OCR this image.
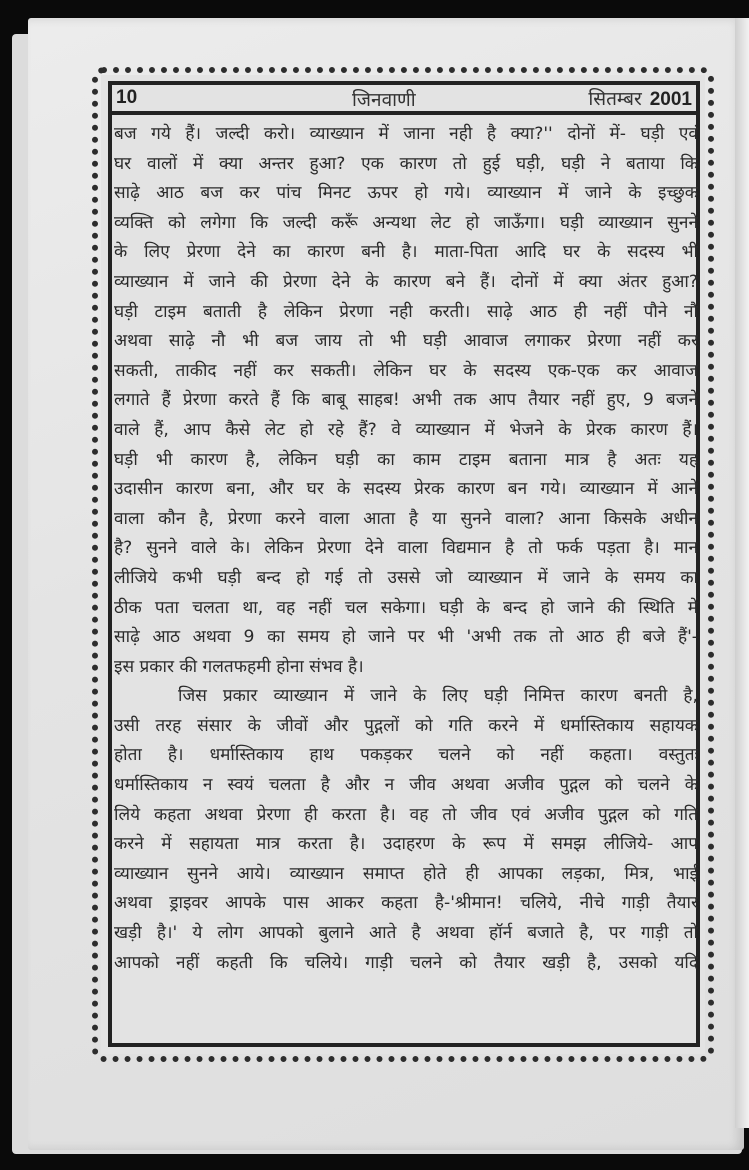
10	जिनवाणी	सितम्बर 2001
बज गये हैं। जल्दी करो। व्याख्यान में जाना नही है क्या?'' दोनों में- घड़ी एवं
घर वालों में क्या अन्तर हुआ? एक कारण तो हुई घड़ी, घड़ी ने बताया कि
साढ़े आठ बज कर पांच मिनट ऊपर हो गये। व्याख्यान में जाने के इच्छुक
व्यक्ति को लगेगा कि जल्दी करूँ अन्यथा लेट हो जाऊँगा। घड़ी व्याख्यान सुनने
के लिए प्रेरणा देने का कारण बनी है। माता-पिता आदि घर के सदस्य भी
व्याख्यान में जाने की प्रेरणा देने के कारण बने हैं। दोनों में क्या अंतर हुआ?
घड़ी टाइम बताती है लेकिन प्रेरणा नही करती। साढ़े आठ ही नहीं पौने नौ
अथवा साढ़े नौ भी बज जाय तो भी घड़ी आवाज लगाकर प्रेरणा नहीं कर
सकती, ताकीद नहीं कर सकती। लेकिन घर के सदस्य एक-एक कर आवाज
लगाते हैं प्रेरणा करते हैं कि बाबू साहब! अभी तक आप तैयार नहीं हुए, 9 बजने
वाले हैं, आप कैसे लेट हो रहे हैं? वे व्याख्यान में भेजने के प्रेरक कारण हैं।
घड़ी भी कारण है, लेकिन घड़ी का काम टाइम बताना मात्र है अतः यह
उदासीन कारण बना, और घर के सदस्य प्रेरक कारण बन गये। व्याख्यान में आने
वाला कौन है, प्रेरणा करने वाला आता है या सुनने वाला? आना किसके अधीन
है? सुनने वाले के। लेकिन प्रेरणा देने वाला विद्यमान है तो फर्क पड़ता है। मान
लीजिये कभी घड़ी बन्द हो गई तो उससे जो व्याख्यान में जाने के समय का
ठीक पता चलता था, वह नहीं चल सकेगा। घड़ी के बन्द हो जाने की स्थिति में
साढ़े आठ अथवा 9 का समय हो जाने पर भी 'अभी तक तो आठ ही बजे हैं'-
इस प्रकार की गलतफहमी होना संभव है।
जिस प्रकार व्याख्यान में जाने के लिए घड़ी निमित्त कारण बनती है,
उसी तरह संसार के जीवों और पुद्गलों को गति करने में धर्मास्तिकाय सहायक
होता है। धर्मास्तिकाय हाथ पकड़कर चलने को नहीं कहता। वस्तुतः
धर्मास्तिकाय न स्वयं चलता है और न जीव अथवा अजीव पुद्गल को चलने के
लिये कहता अथवा प्रेरणा ही करता है। वह तो जीव एवं अजीव पुद्गल को गति
करने में सहायता मात्र करता है। उदाहरण के रूप में समझ लीजिये- आप
व्याख्यान सुनने आये। व्याख्यान समाप्त होते ही आपका लड़का, मित्र, भाई
अथवा ड्राइवर आपके पास आकर कहता है-'श्रीमान! चलिये, नीचे गाड़ी तैयार
खड़ी है।' ये लोग आपको बुलाने आते है अथवा हॉर्न बजाते है, पर गाड़ी तो
आपको नहीं कहती कि चलिये। गाड़ी चलने को तैयार खड़ी है, उसको यदि
